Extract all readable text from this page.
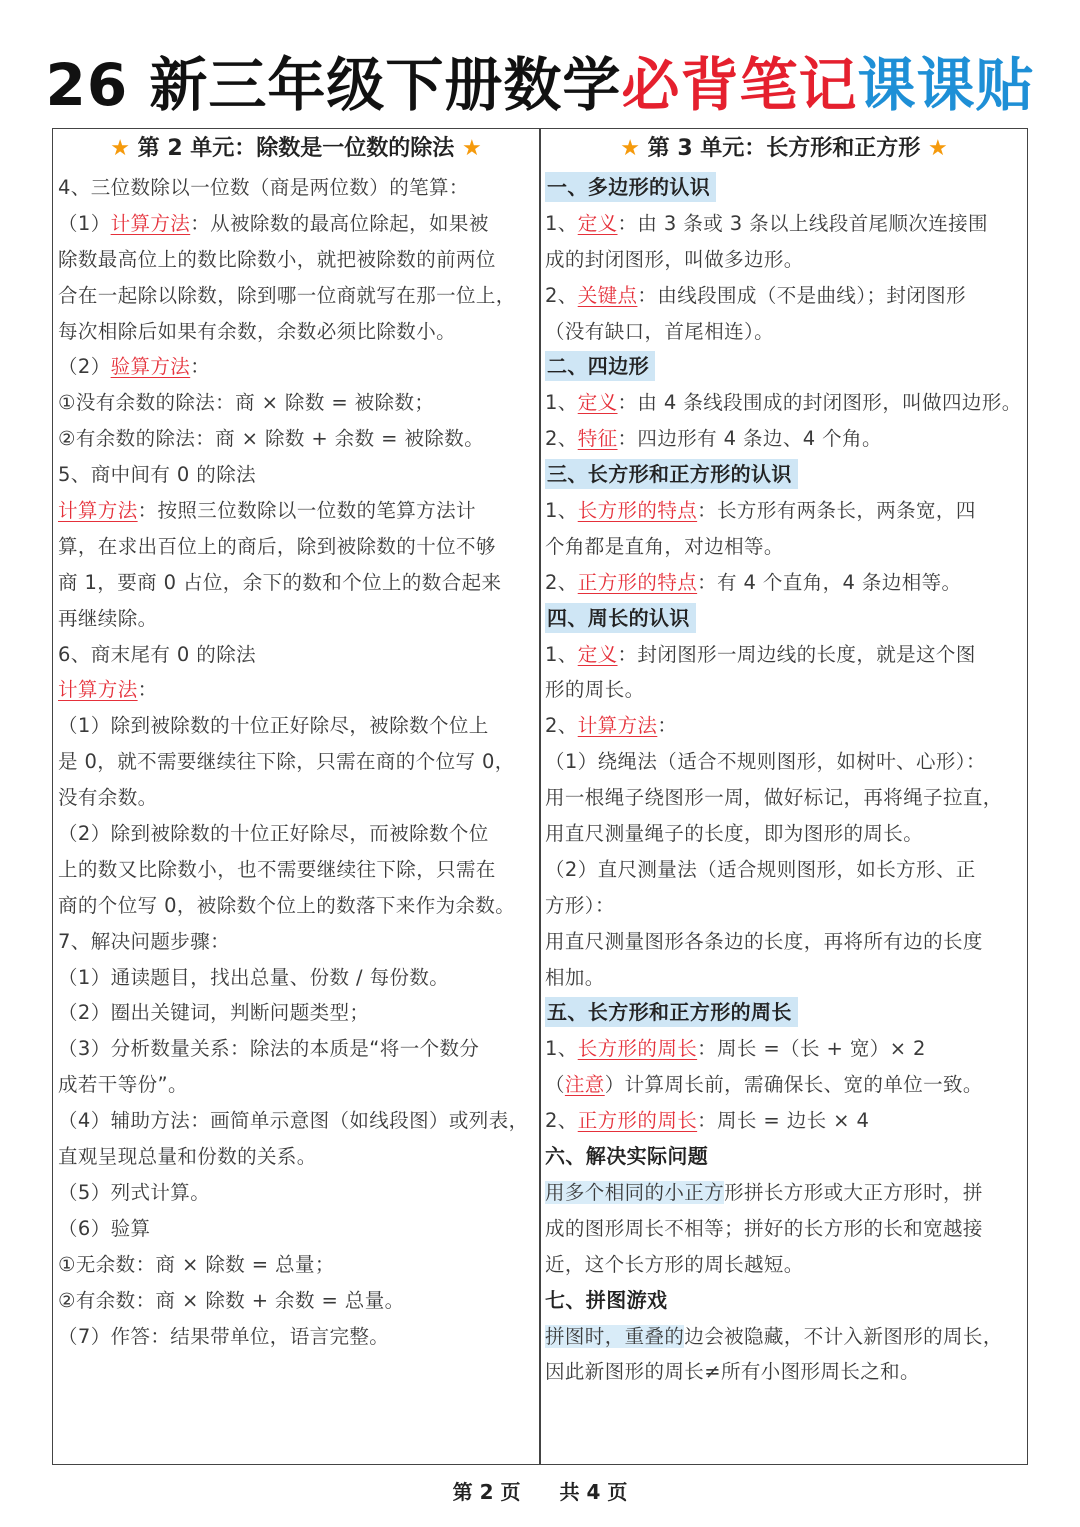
26 新三年级下册数学必背笔记课课贴
★ 第 2 单元：除数是一位数的除法 ★
4、三位数除以一位数（商是两位数）的笔算：
（1）计算方法：从被除数的最高位除起，如果被
除数最高位上的数比除数小，就把被除数的前两位
合在一起除以除数，除到哪一位商就写在那一位上，
每次相除后如果有余数，余数必须比除数小。
（2）验算方法：
①没有余数的除法：商 × 除数 = 被除数；
②有余数的除法：商 × 除数 + 余数 = 被除数。
5、商中间有 0 的除法
计算方法：按照三位数除以一位数的笔算方法计
算，在求出百位上的商后，除到被除数的十位不够
商 1，要商 0 占位，余下的数和个位上的数合起来
再继续除。
6、商末尾有 0 的除法
计算方法：
（1）除到被除数的十位正好除尽，被除数个位上
是 0，就不需要继续往下除，只需在商的个位写 0，
没有余数。
（2）除到被除数的十位正好除尽，而被除数个位
上的数又比除数小，也不需要继续往下除，只需在
商的个位写 0，被除数个位上的数落下来作为余数。
7、解决问题步骤：
（1）通读题目，找出总量、份数 / 每份数。
（2）圈出关键词，判断问题类型；
（3）分析数量关系：除法的本质是“将一个数分
成若干等份”。
（4）辅助方法：画简单示意图（如线段图）或列表，
直观呈现总量和份数的关系。
（5）列式计算。
（6）验算
①无余数：商 × 除数 = 总量；
②有余数：商 × 除数 + 余数 = 总量。
（7）作答：结果带单位，语言完整。
★ 第 3 单元：长方形和正方形 ★
一、多边形的认识
1、定义：由 3 条或 3 条以上线段首尾顺次连接围
成的封闭图形，叫做多边形。
2、关键点：由线段围成（不是曲线）；封闭图形
（没有缺口，首尾相连）。
二、四边形
1、定义：由 4 条线段围成的封闭图形，叫做四边形。
2、特征：四边形有 4 条边、4 个角。
三、长方形和正方形的认识
1、长方形的特点：长方形有两条长，两条宽，四
个角都是直角，对边相等。
2、正方形的特点：有 4 个直角，4 条边相等。
四、周长的认识
1、定义：封闭图形一周边线的长度，就是这个图
形的周长。
2、计算方法：
（1）绕绳法（适合不规则图形，如树叶、心形）：
用一根绳子绕图形一周，做好标记，再将绳子拉直，
用直尺测量绳子的长度，即为图形的周长。
（2）直尺测量法（适合规则图形，如长方形、正
方形）：
用直尺测量图形各条边的长度，再将所有边的长度
相加。
五、长方形和正方形的周长
1、长方形的周长：周长 =（长 + 宽）× 2
（注意）计算周长前，需确保长、宽的单位一致。
2、正方形的周长：周长 = 边长 × 4
六、解决实际问题
用多个相同的小正方形拼长方形或大正方形时，拼
成的图形周长不相等；拼好的长方形的长和宽越接
近，这个长方形的周长越短。
七、拼图游戏
拼图时，重叠的边会被隐藏，不计入新图形的周长，
因此新图形的周长≠所有小图形周长之和。
第 2 页 共 4 页
